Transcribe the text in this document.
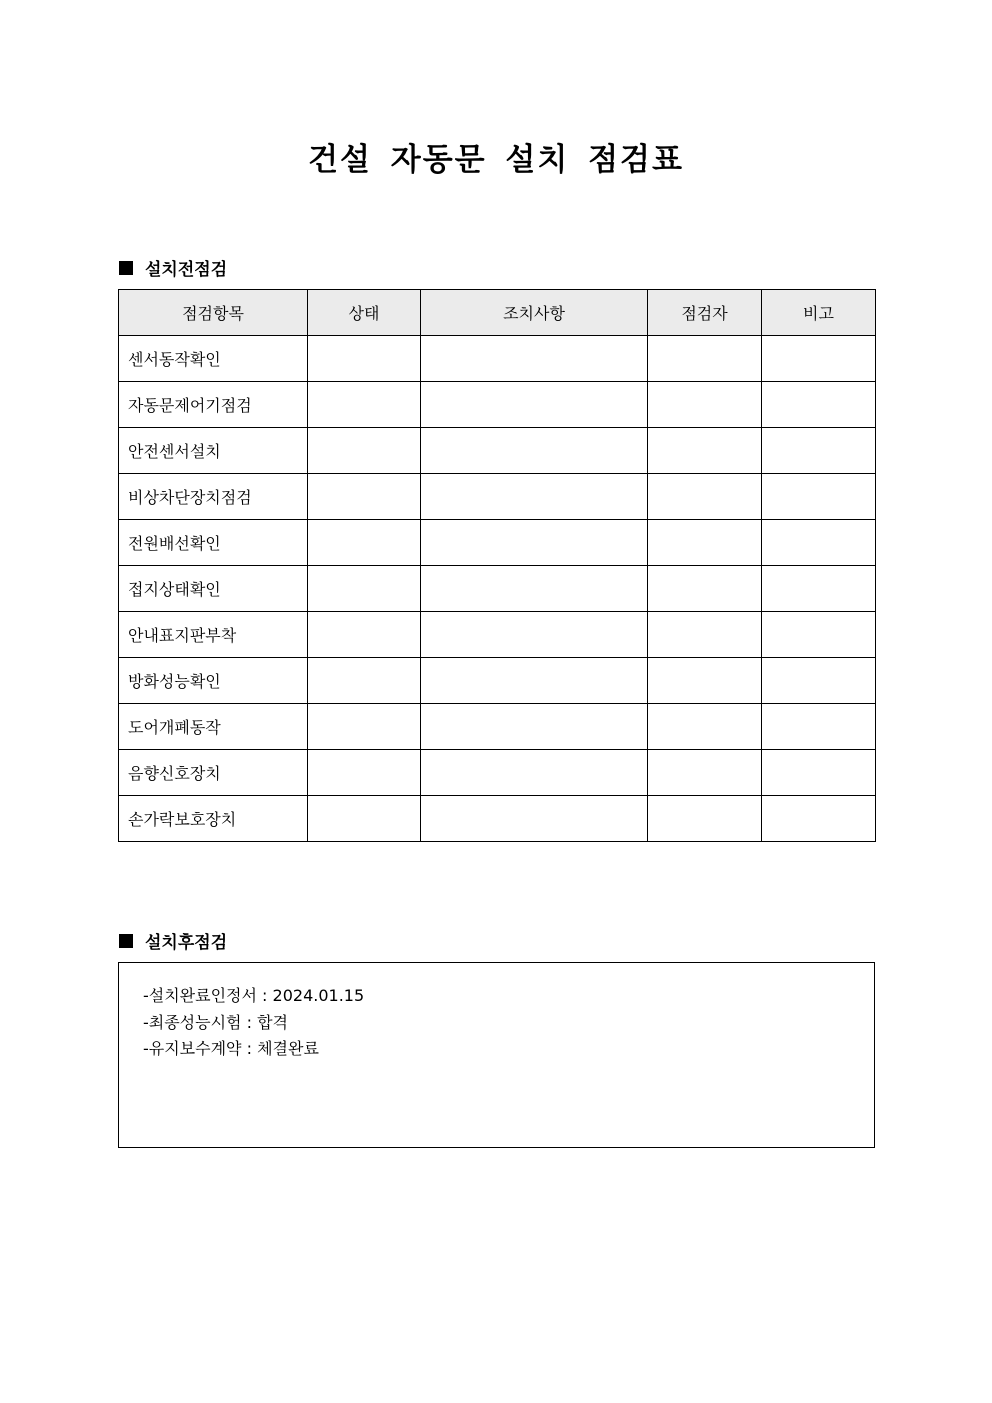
건설 자동문 설치 점검표
설치전점검
점검항목	상태	조치사항	점검자	비고
센서동작확인				
자동문제어기점검				
안전센서설치				
비상차단장치점검				
전원배선확인				
접지상태확인				
안내표지판부착				
방화성능확인				
도어개폐동작				
음향신호장치				
손가락보호장치				
설치후점검
-설치완료인정서 : 2024.01.15
-최종성능시험 : 합격
-유지보수계약 : 체결완료
